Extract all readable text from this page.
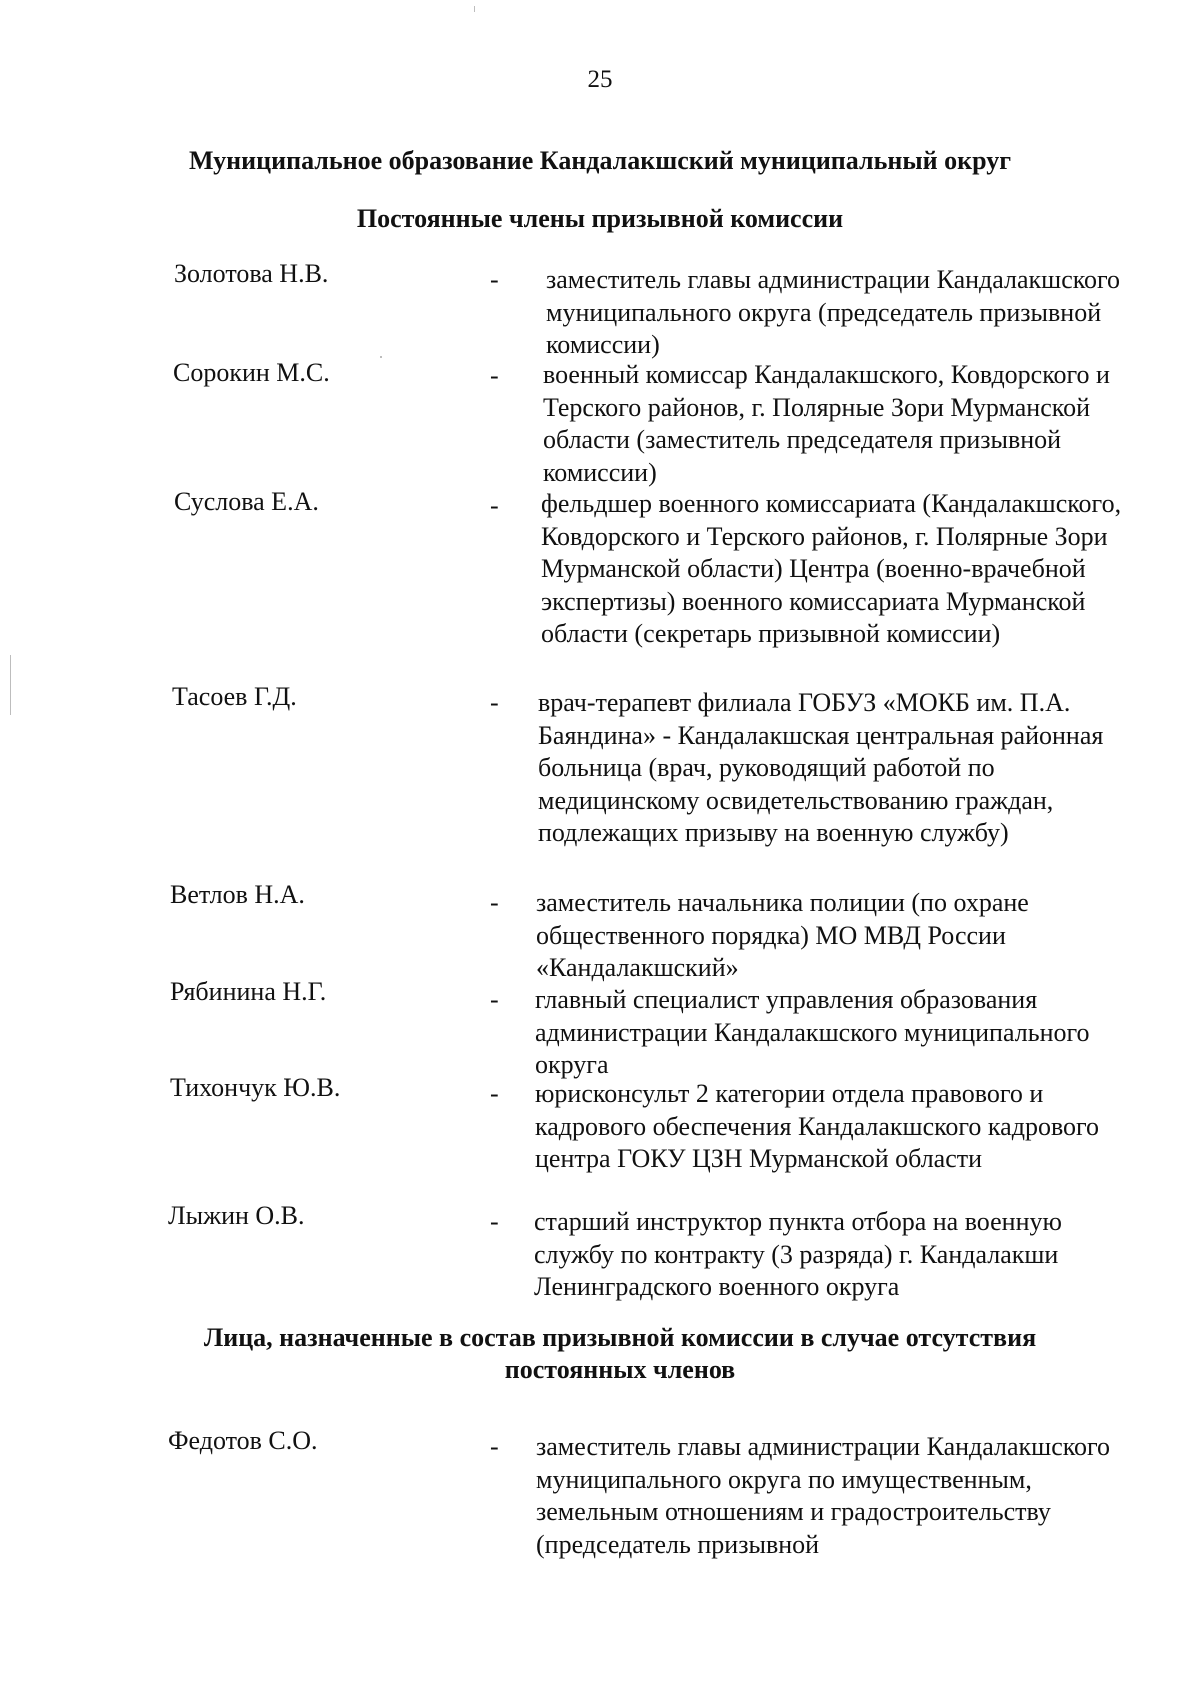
25
Муниципальное образование Кандалакшский муниципальный округ
Постоянные члены призывной комиссии
Золотова Н.В.	- заместитель главы администрации Кандалакшского муниципального округа (председатель призывной комиссии)
Сорокин М.С.	- военный комиссар Кандалакшского, Ковдорского и Терского районов, г. Полярные Зори Мурманской области (заместитель председателя призывной комиссии)
Суслова Е.А.	- фельдшер военного комиссариата (Кандалакшского, Ковдорского и Терского районов, г. Полярные Зори Мурманской области) Центра (военно-врачебной экспертизы) военного комиссариата Мурманской области (секретарь призывной комиссии)
Тасоев Г.Д.	- врач-терапевт филиала ГОБУЗ «МОКБ им. П.А. Баяндина» - Кандалакшская центральная районная больница (врач, руководящий работой по медицинскому освидетельствованию граждан, подлежащих призыву на военную службу)
Ветлов Н.А.	- заместитель начальника полиции (по охране общественного порядка) МО МВД России «Кандалакшский»
Рябинина Н.Г.	- главный специалист управления образования администрации Кандалакшского муниципального округа
Тихончук Ю.В.	- юрисконсульт 2 категории отдела правового и кадрового обеспечения Кандалакшского кадрового центра ГОКУ ЦЗН Мурманской области
Лыжин О.В.	- старший инструктор пункта отбора на военную службу по контракту (3 разряда) г. Кандалакши Ленинградского военного округа
Лица, назначенные в состав призывной комиссии в случае отсутствия постоянных членов
Федотов С.О.	- заместитель главы администрации Кандалакшского муниципального округа по имущественным, земельным отношениям и градостроительству (председатель призывной
